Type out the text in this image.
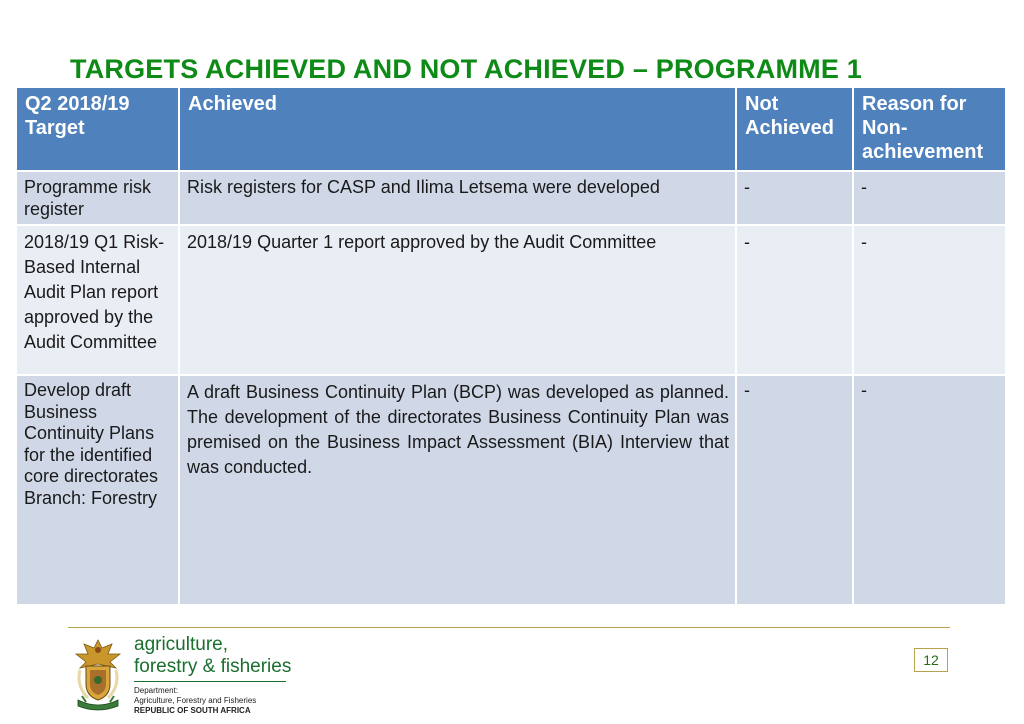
TARGETS ACHIEVED AND NOT ACHIEVED – PROGRAMME 1
Q2 2018/19 Target	Achieved	Not Achieved	Reason for Non-achievement
Programme risk register	Risk registers for CASP and Ilima Letsema were developed	-	-
2018/19 Q1 Risk- Based Internal Audit Plan report approved by the Audit Committee	2018/19 Quarter 1 report approved by the Audit Committee	-	-
Develop draft Business Continuity Plans for the identified core directorates Branch: Forestry	A draft Business Continuity Plan (BCP) was developed as planned. The development of the directorates Business Continuity Plan was premised on the Business Impact Assessment (BIA) Interview that was conducted.	-	-
agriculture,
forestry & fisheries
Department:
Agriculture, Forestry and Fisheries
REPUBLIC OF SOUTH AFRICA
12
